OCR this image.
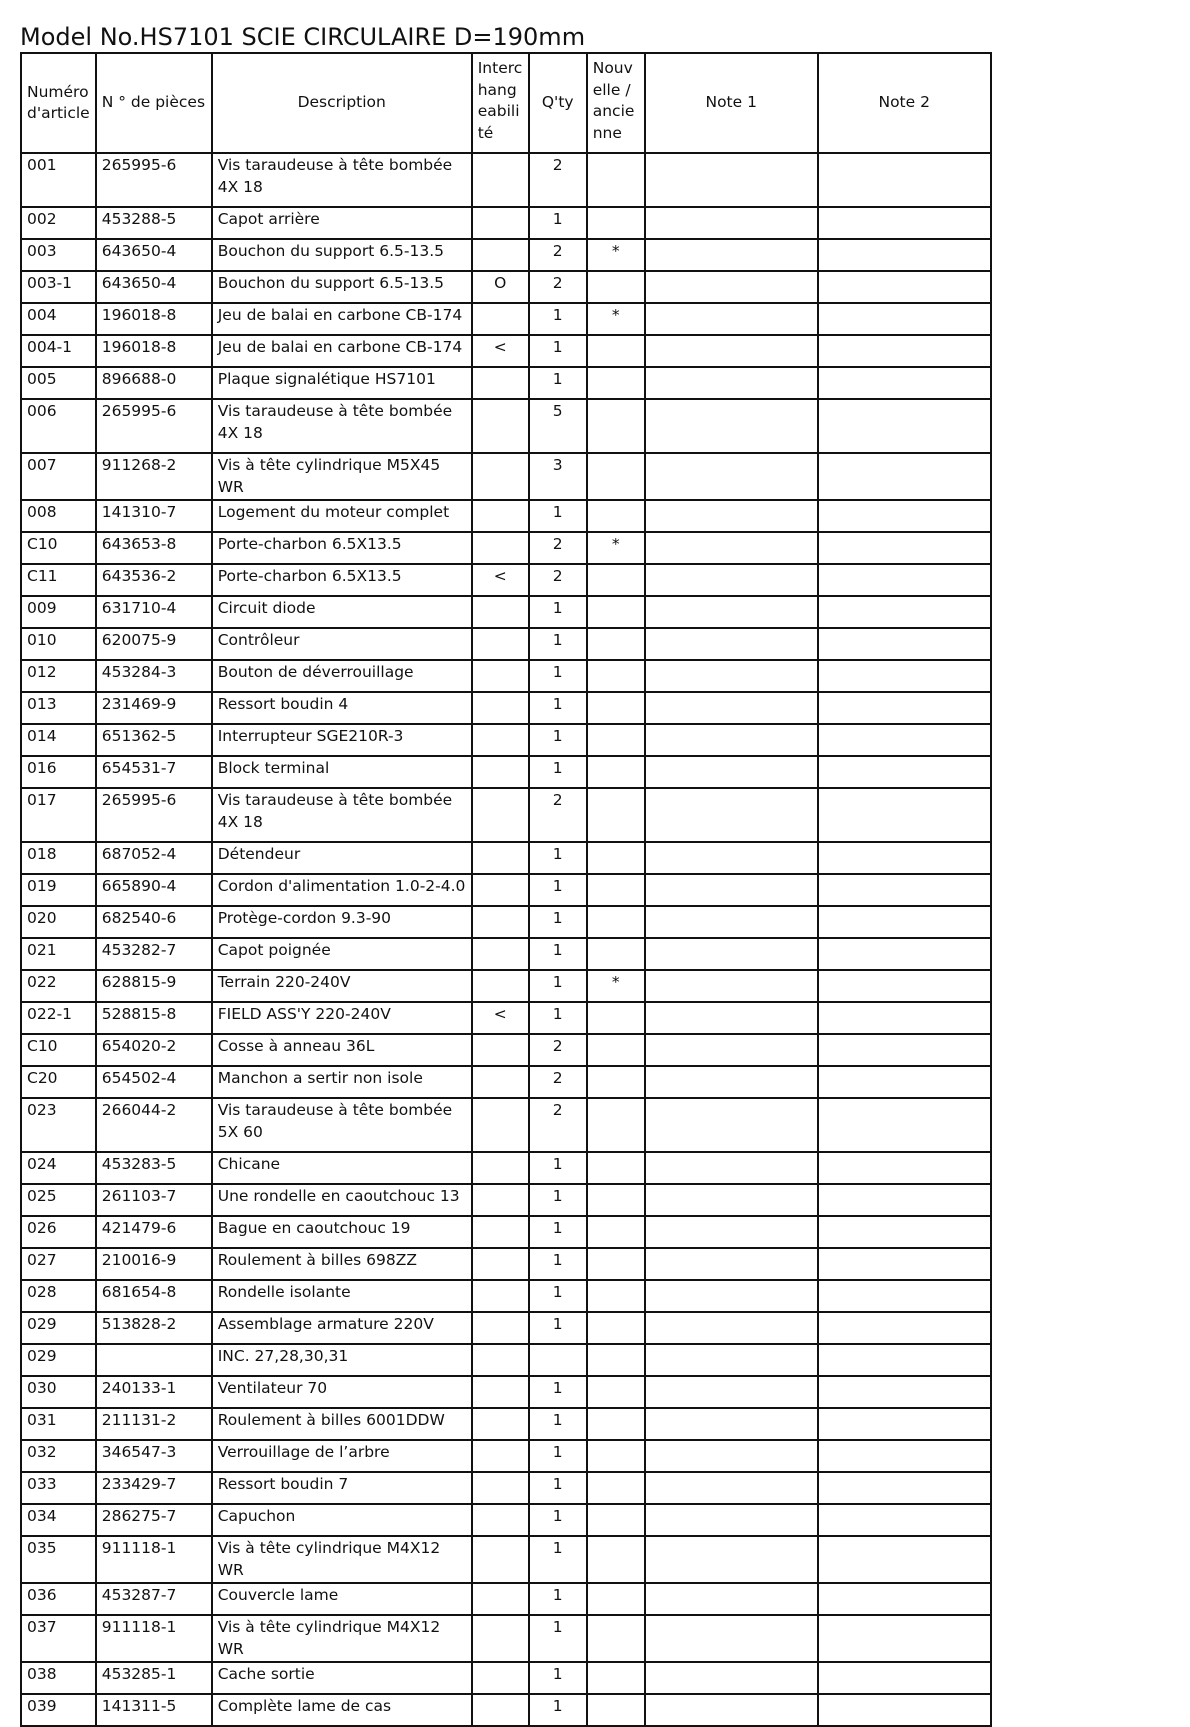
Model No.HS7101 SCIE CIRCULAIRE D=190mm
Numéro d'article	N ° de pièces	Description	Interchangeabilité	Q'ty	Nouvelle / ancienne	Note 1	Note 2
001	265995-6	Vis taraudeuse à tête bombée 4X 18		2			
002	453288-5	Capot arrière		1			
003	643650-4	Bouchon du support 6.5-13.5		2	*		
003-1	643650-4	Bouchon du support 6.5-13.5	O	2			
004	196018-8	Jeu de balai en carbone CB-174		1	*		
004-1	196018-8	Jeu de balai en carbone CB-174	<	1			
005	896688-0	Plaque signalétique HS7101		1			
006	265995-6	Vis taraudeuse à tête bombée 4X 18		5			
007	911268-2	Vis à tête cylindrique M5X45 WR		3			
008	141310-7	Logement du moteur complet		1			
C10	643653-8	Porte-charbon 6.5X13.5		2	*		
C11	643536-2	Porte-charbon 6.5X13.5	<	2			
009	631710-4	Circuit diode		1			
010	620075-9	Contrôleur		1			
012	453284-3	Bouton de déverrouillage		1			
013	231469-9	Ressort boudin 4		1			
014	651362-5	Interrupteur SGE210R-3		1			
016	654531-7	Block terminal		1			
017	265995-6	Vis taraudeuse à tête bombée 4X 18		2			
018	687052-4	Détendeur		1			
019	665890-4	Cordon d'alimentation 1.0-2-4.0		1			
020	682540-6	Protège-cordon 9.3-90		1			
021	453282-7	Capot poignée		1			
022	628815-9	Terrain 220-240V		1	*		
022-1	528815-8	FIELD ASS'Y 220-240V	<	1			
C10	654020-2	Cosse à anneau 36L		2			
C20	654502-4	Manchon a sertir non isole		2			
023	266044-2	Vis taraudeuse à tête bombée 5X 60		2			
024	453283-5	Chicane		1			
025	261103-7	Une rondelle en caoutchouc 13		1			
026	421479-6	Bague en caoutchouc 19		1			
027	210016-9	Roulement à billes 698ZZ		1			
028	681654-8	Rondelle isolante		1			
029	513828-2	Assemblage armature 220V		1			
029		INC. 27,28,30,31					
030	240133-1	Ventilateur 70		1			
031	211131-2	Roulement à billes 6001DDW		1			
032	346547-3	Verrouillage de l’arbre		1			
033	233429-7	Ressort boudin 7		1			
034	286275-7	Capuchon		1			
035	911118-1	Vis à tête cylindrique M4X12 WR		1			
036	453287-7	Couvercle lame		1			
037	911118-1	Vis à tête cylindrique M4X12 WR		1			
038	453285-1	Cache sortie		1			
039	141311-5	Complète lame de cas		1			
